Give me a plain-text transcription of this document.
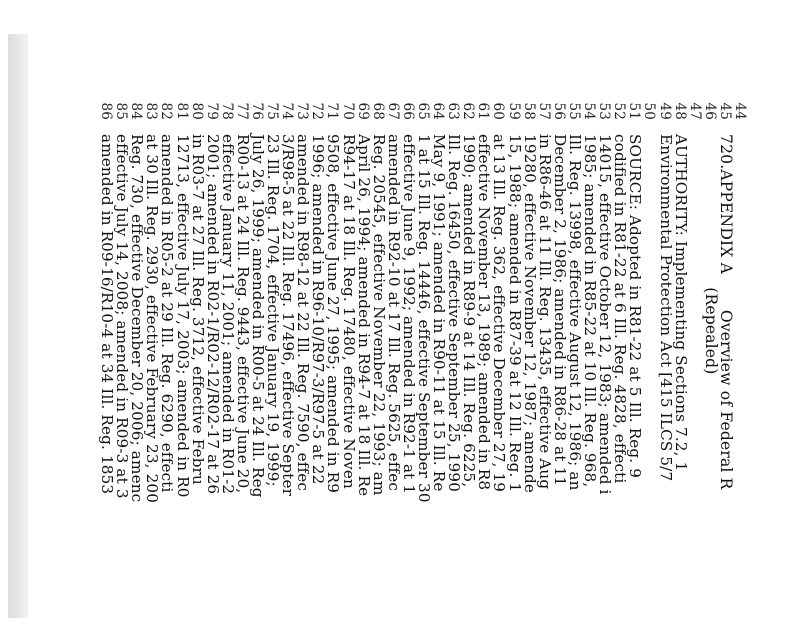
44
45720.APPENDIX A       Overview of Federal R
46                              (Repealed)
47
48AUTHORITY: Implementing Sections 7.2, 1
49Environmental Protection Act [415 ILCS 5/7
50
51SOURCE: Adopted in R81-22 at 5 Ill. Reg. 9
52codified in R81-22 at 6 Ill. Reg. 4828, effecti
5314015, effective October 12, 1983; amended i
541985; amended in R85-22 at 10 Ill. Reg. 968,
55Ill. Reg. 13998, effective August 12, 1986; an
56December 2, 1986; amended in R86-28 at 11
57in R86-46 at 11 Ill. Reg. 13435, effective Aug
5819280, effective November 12, 1987; amende
5915, 1988; amended in R87-39 at 12 Ill. Reg. 1
60at 13 Ill. Reg. 362, effective December 27, 19
61effective November 13, 1989; amended in R8
621990; amended in R89-9 at 14 Ill. Reg. 6225,
63Ill. Reg. 16450, effective September 25, 1990
64May 9, 1991; amended in R90-11 at 15 Ill. Re
651 at 15 Ill. Reg. 14446, effective September 30
66effective June 9, 1992; amended in R92-1 at 1
67amended in R92-10 at 17 Ill. Reg. 5625, effec
68Reg. 20545, effective November 22, 1993; am
69April 26, 1994; amended in R94-7 at 18 Ill. Re
70R94-17 at 18 Ill. Reg. 17480, effective Noven
719508, effective June 27, 1995; amended in R9
721996; amended in R96-10/R97-3/R97-5 at 22
73amended in R98-12 at 22 Ill. Reg. 7590, effec
743/R98-5 at 22 Ill. Reg. 17496, effective Septer
7523 Ill. Reg. 1704, effective January 19, 1999;
76July 26, 1999; amended in R00-5 at 24 Ill. Reg
77R00-13 at 24 Ill. Reg. 9443, effective June 20,
78effective January 11, 2001; amended in R01-2
792001; amended in R02-1/R02-12/R02-17 at 26
80in R03-7 at 27 Ill. Reg. 3712, effective Febru
8112713, effective July 17, 2003; amended in R0
82amended in R05-2 at 29 Ill. Reg. 6290, effecti
83at 30 Ill. Reg. 2930, effective February 23, 200
84Reg. 730, effective December 20, 2006; amenc
85effective July 14, 2008; amended in R09-3 at 3
86amended in R09-16/R10-4 at 34 Ill. Reg. 1853
